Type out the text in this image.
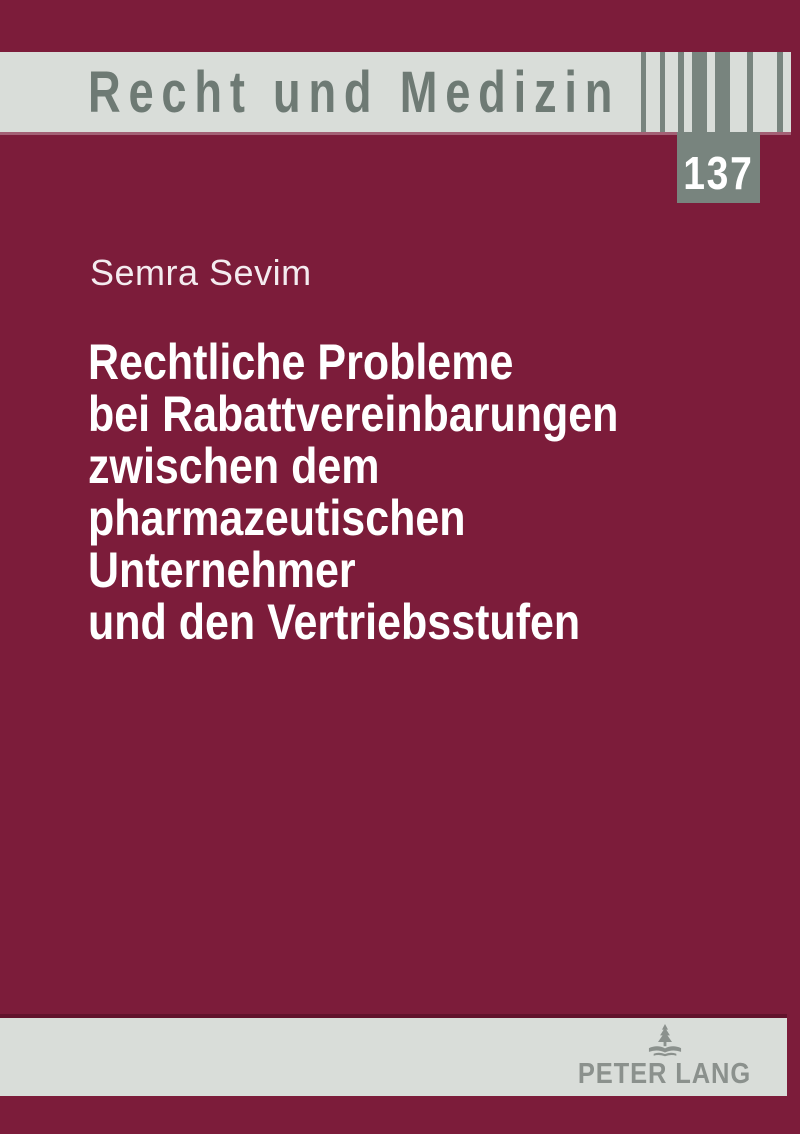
Recht und Medizin
137
Semra Sevim
Rechtliche Probleme
bei Rabattvereinbarungen
zwischen dem
pharmazeutischen
Unternehmer
und den Vertriebsstufen
PETER LANG
